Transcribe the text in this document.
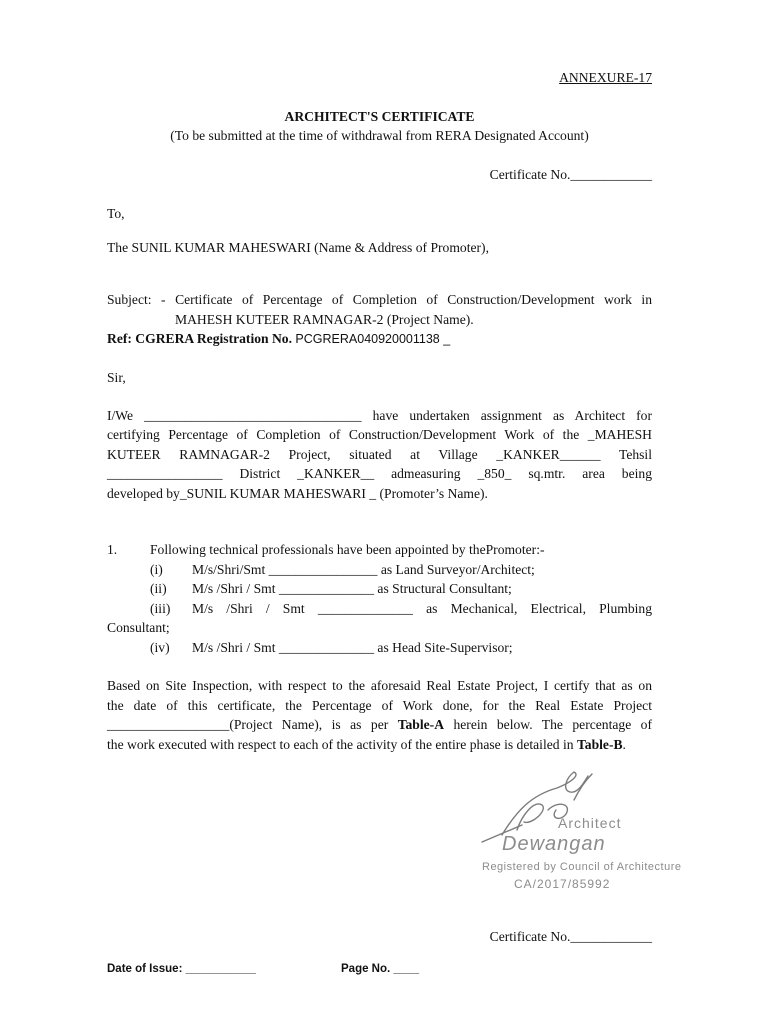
ANNEXURE-17
ARCHITECT'S CERTIFICATE
(To be submitted at the time of withdrawal from RERA Designated Account)
Certificate No.____________
To,
The SUNIL KUMAR MAHESWARI (Name & Address of Promoter),
Subject: - Certificate of Percentage of Completion of Construction/Development work in
MAHESH KUTEER RAMNAGAR-2 (Project Name).
Ref: CGRERA Registration No. PCGRERA040920001138 _
Sir,
I/We ________________________________ have undertaken assignment as Architect for
certifying Percentage of Completion of Construction/Development Work of the _MAHESH
KUTEER RAMNAGAR-2 Project, situated at Village _KANKER______ Tehsil
_________________ District _KANKER__ admeasuring _850_ sq.mtr. area being
developed by_SUNIL KUMAR MAHESWARI _ (Promoter’s Name).
1. Following technical professionals have been appointed by thePromoter:-
(i) M/s/Shri/Smt ________________ as Land Surveyor/Architect;
(ii) M/s /Shri / Smt ______________ as Structural Consultant;
(iii) M/s /Shri / Smt ______________ as Mechanical, Electrical, Plumbing
Consultant;
(iv) M/s /Shri / Smt ______________ as Head Site-Supervisor;
Based on Site Inspection, with respect to the aforesaid Real Estate Project, I certify that as on
the date of this certificate, the Percentage of Work done, for the Real Estate Project
__________________(Project Name), is as per Table-A herein below. The percentage of
the work executed with respect to each of the activity of the entire phase is detailed in Table-B.
Architect
Dewangan
Registered by Council of Architecture
CA/2017/85992
Certificate No.____________
Date of Issue: ___________	Page No. ____
